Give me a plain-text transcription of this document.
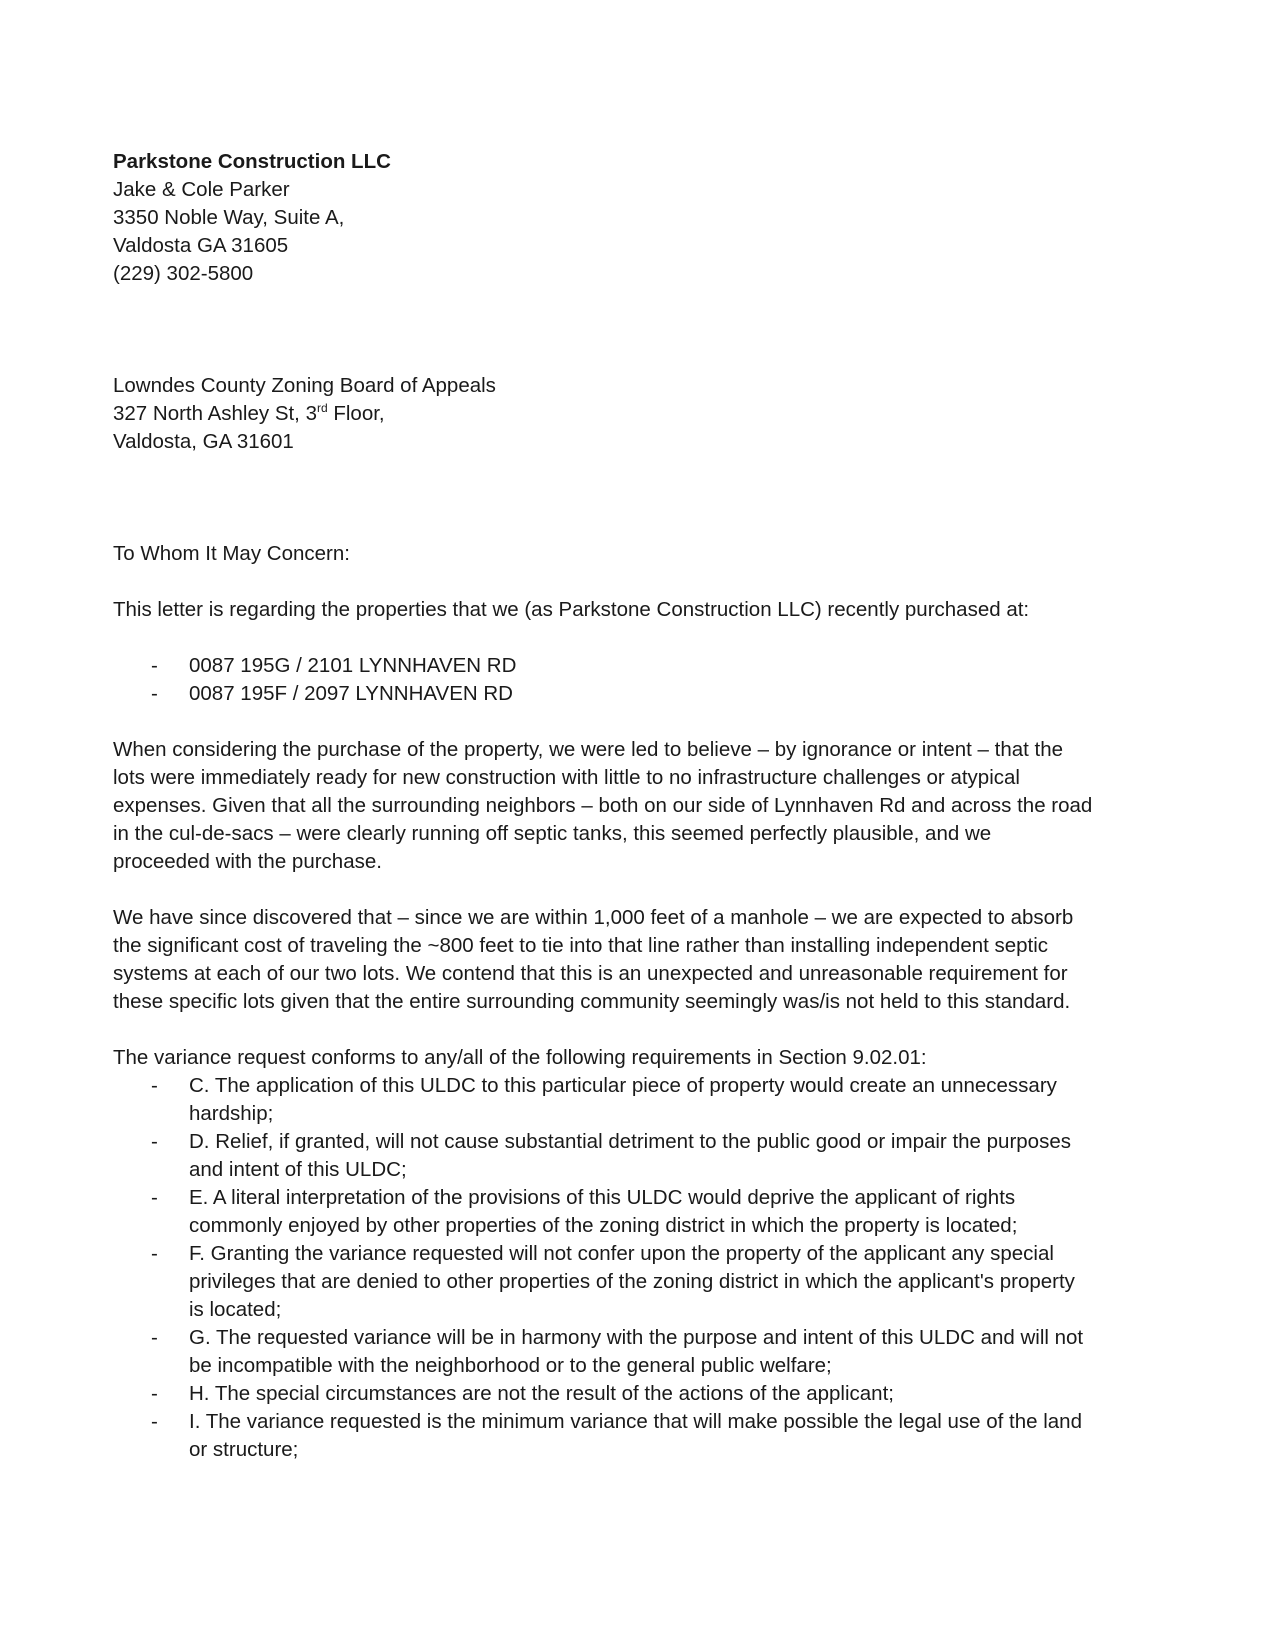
Parkstone Construction LLC
Jake & Cole Parker
3350 Noble Way, Suite A,
Valdosta GA 31605
(229) 302-5800
Lowndes County Zoning Board of Appeals
327 North Ashley St, 3rd Floor,
Valdosta, GA 31601

To Whom It May Concern:

This letter is regarding the properties that we (as Parkstone Construction LLC) recently purchased at:

- 0087 195G / 2101 LYNNHAVEN RD
- 0087 195F / 2097 LYNNHAVEN RD

When considering the purchase of the property, we were led to believe – by ignorance or intent – that the
lots were immediately ready for new construction with little to no infrastructure challenges or atypical
expenses. Given that all the surrounding neighbors – both on our side of Lynnhaven Rd and across the road
in the cul-de-sacs – were clearly running off septic tanks, this seemed perfectly plausible, and we
proceeded with the purchase.

We have since discovered that – since we are within 1,000 feet of a manhole – we are expected to absorb
the significant cost of traveling the ~800 feet to tie into that line rather than installing independent septic
systems at each of our two lots. We contend that this is an unexpected and unreasonable requirement for
these specific lots given that the entire surrounding community seemingly was/is not held to this standard.

The variance request conforms to any/all of the following requirements in Section 9.02.01:

- C. The application of this ULDC to this particular piece of property would create an unnecessary
hardship;
- D. Relief, if granted, will not cause substantial detriment to the public good or impair the purposes
and intent of this ULDC;
- E. A literal interpretation of the provisions of this ULDC would deprive the applicant of rights
commonly enjoyed by other properties of the zoning district in which the property is located;
- F. Granting the variance requested will not confer upon the property of the applicant any special
privileges that are denied to other properties of the zoning district in which the applicant's property
is located;
- G. The requested variance will be in harmony with the purpose and intent of this ULDC and will not
be incompatible with the neighborhood or to the general public welfare;
- H. The special circumstances are not the result of the actions of the applicant;
- I. The variance requested is the minimum variance that will make possible the legal use of the land
or structure;
